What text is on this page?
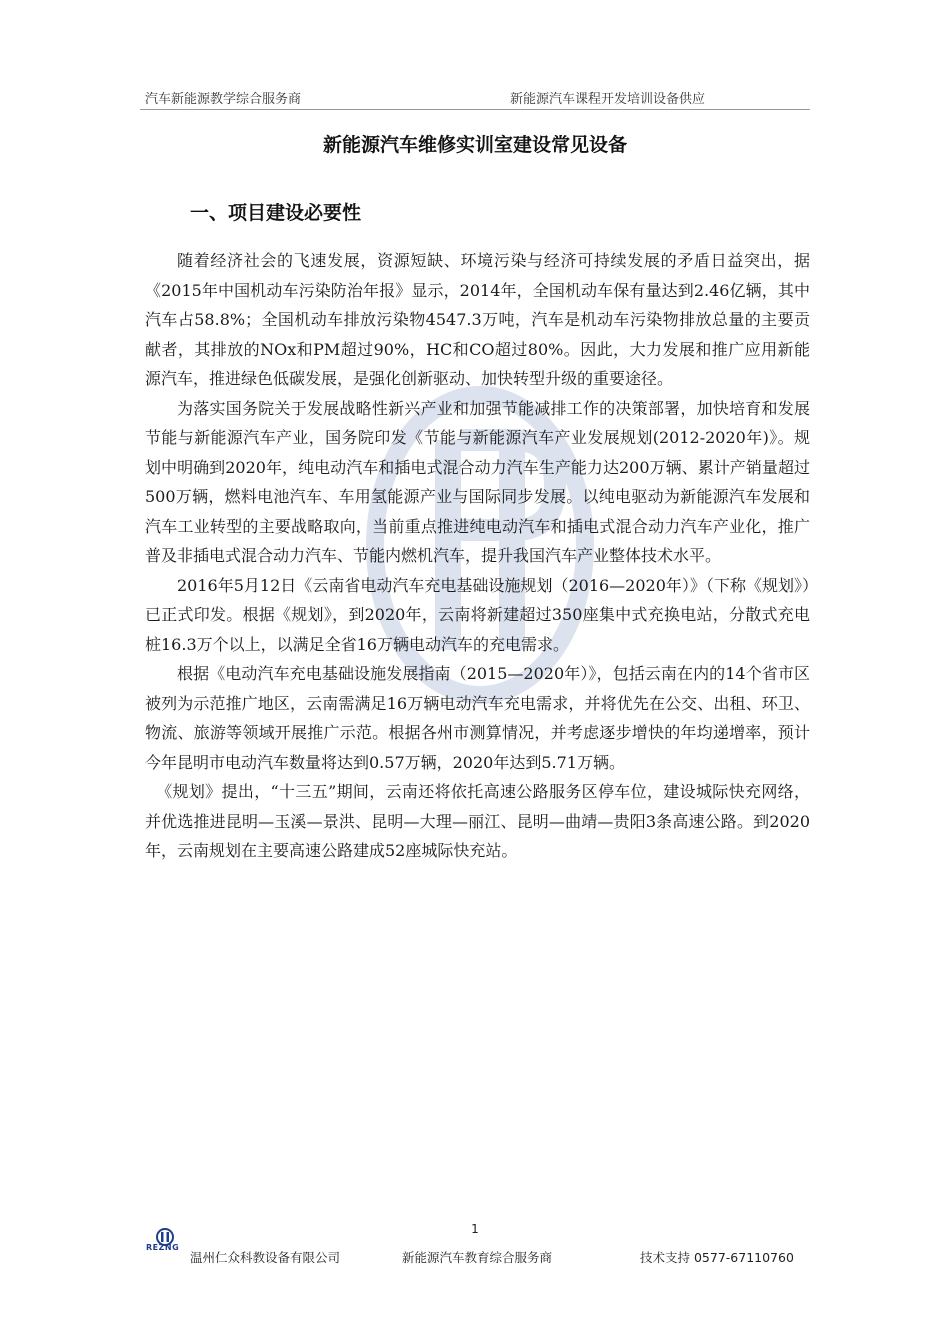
汽车新能源教学综合服务商	新能源汽车课程开发培训设备供应
新能源汽车维修实训室建设常见设备
一、项目建设必要性

随着经济社会的飞速发展，资源短缺、环境污染与经济可持续发展的矛盾日益突出，据《2015年中国机动车污染防治年报》显示，2014年，全国机动车保有量达到2.46亿辆，其中汽车占58.8%；全国机动车排放污染物4547.3万吨，汽车是机动车污染物排放总量的主要贡献者，其排放的NOx和PM超过90%，HC和CO超过80%。因此，大力发展和推广应用新能源汽车，推进绿色低碳发展，是强化创新驱动、加快转型升级的重要途径。

为落实国务院关于发展战略性新兴产业和加强节能减排工作的决策部署，加快培育和发展节能与新能源汽车产业，国务院印发《节能与新能源汽车产业发展规划(2012-2020年)》。规划中明确到2020年，纯电动汽车和插电式混合动力汽车生产能力达200万辆、累计产销量超过500万辆，燃料电池汽车、车用氢能源产业与国际同步发展。以纯电驱动为新能源汽车发展和汽车工业转型的主要战略取向，当前重点推进纯电动汽车和插电式混合动力汽车产业化，推广普及非插电式混合动力汽车、节能内燃机汽车，提升我国汽车产业整体技术水平。

2016年5月12日《云南省电动汽车充电基础设施规划（2016—2020年）》（下称《规划》）已正式印发。根据《规划》，到2020年，云南将新建超过350座集中式充换电站，分散式充电桩16.3万个以上，以满足全省16万辆电动汽车的充电需求。

根据《电动汽车充电基础设施发展指南（2015—2020年）》，包括云南在内的14个省市区被列为示范推广地区，云南需满足16万辆电动汽车充电需求，并将优先在公交、出租、环卫、物流、旅游等领域开展推广示范。根据各州市测算情况，并考虑逐步增快的年均递增率，预计今年昆明市电动汽车数量将达到0.57万辆，2020年达到5.71万辆。

《规划》提出，“十三五”期间，云南还将依托高速公路服务区停车位，建设城际快充网络，并优选推进昆明—玉溪—景洪、昆明—大理—丽江、昆明—曲靖—贵阳3条高速公路。到2020年，云南规划在主要高速公路建成52座城际快充站。

1
REZNG
温州仁众科教设备有限公司	新能源汽车教育综合服务商	技术支持 0577-67110760
